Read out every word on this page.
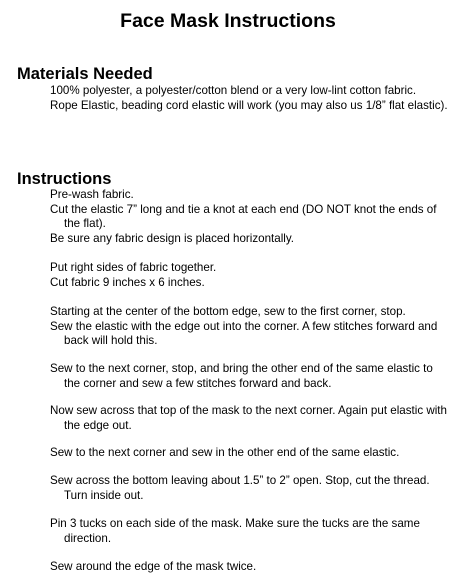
Face Mask Instructions
Materials Needed
100% polyester, a polyester/cotton blend or a very low-lint cotton fabric.
Rope Elastic, beading cord elastic will work (you may also us 1/8” flat elastic).
Instructions
Pre-wash fabric.
Cut the elastic 7” long and tie a knot at each end (DO NOT knot the ends of the flat).
Be sure any fabric design is placed horizontally.
Put right sides of fabric together.
Cut fabric 9 inches x 6 inches.
Starting at the center of the bottom edge, sew to the first corner, stop.
Sew the elastic with the edge out into the corner. A few stitches forward and back will hold this.
Sew to the next corner, stop, and bring the other end of the same elastic to the corner and sew a few stitches forward and back.
Now sew across that top of the mask to the next corner. Again put elastic with the edge out.
Sew to the next corner and sew in the other end of the same elastic.
Sew across the bottom leaving about 1.5” to 2” open. Stop, cut the thread. Turn inside out.
Pin 3 tucks on each side of the mask. Make sure the tucks are the same direction.
Sew around the edge of the mask twice.
